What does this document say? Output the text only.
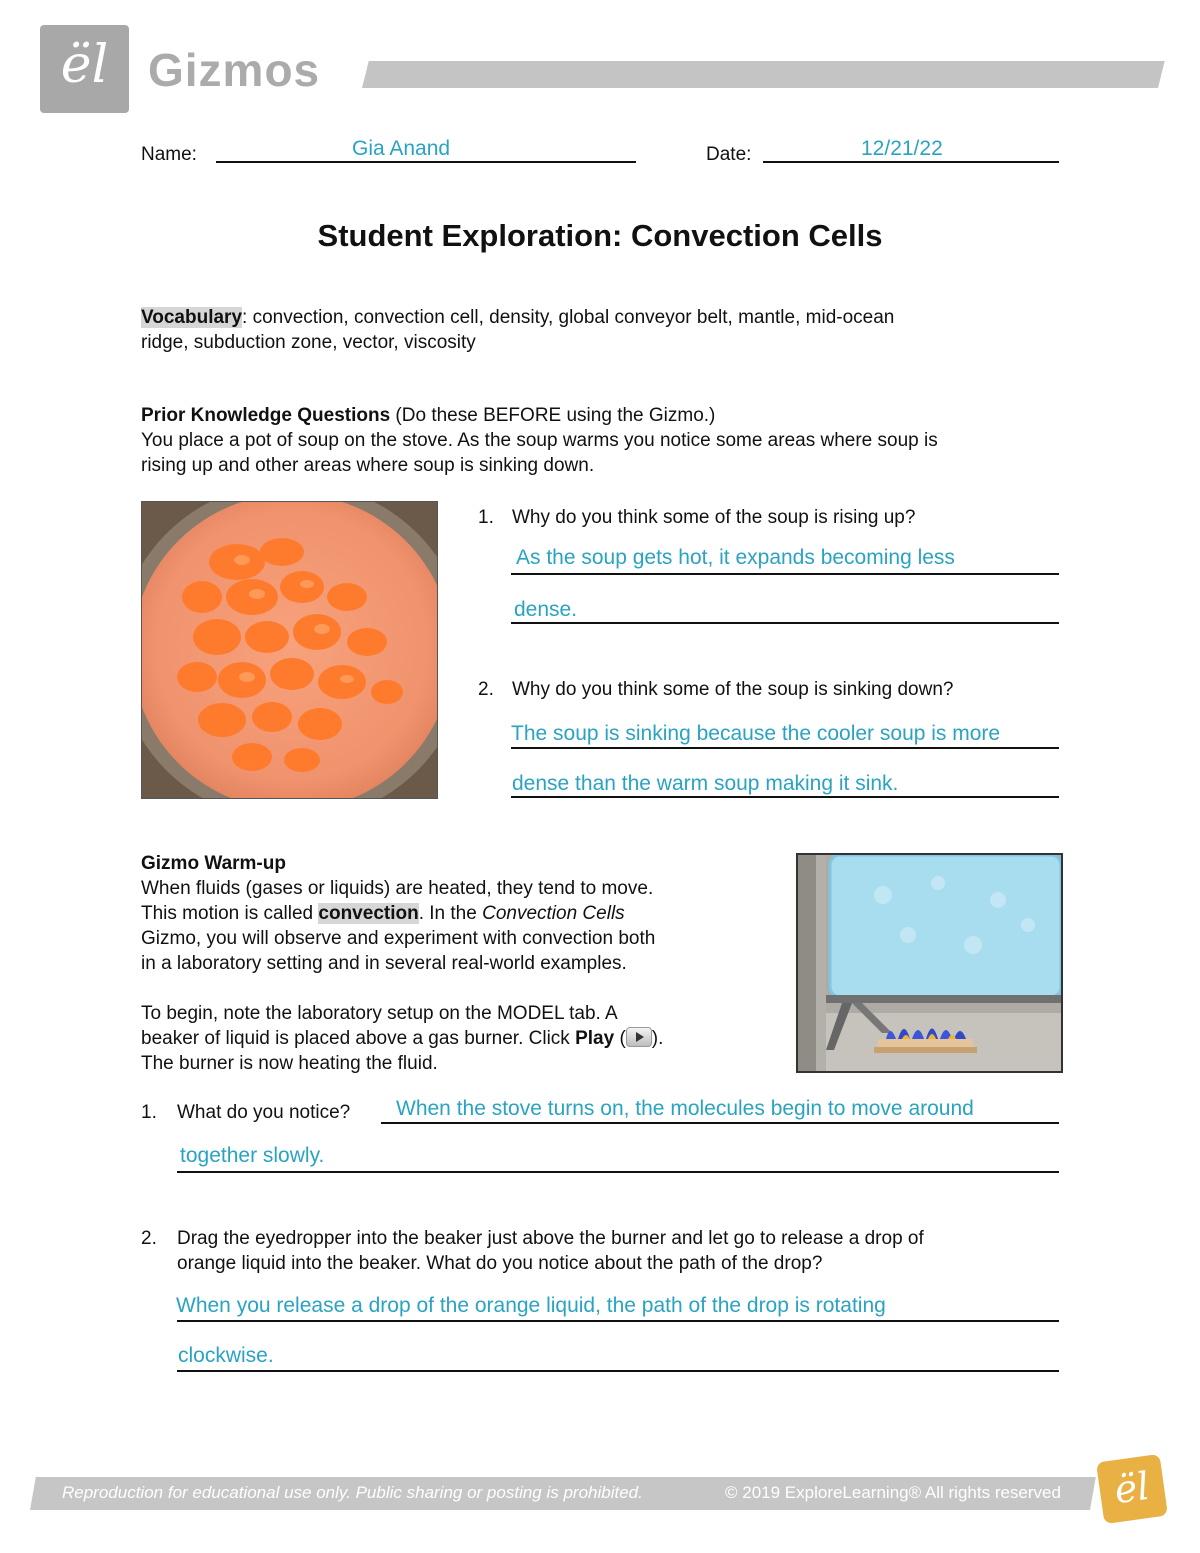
ël Gizmos
Name:	Gia Anand	Date:	12/21/22
Student Exploration: Convection Cells
Vocabulary: convection, convection cell, density, global conveyor belt, mantle, mid-ocean
ridge, subduction zone, vector, viscosity
Prior Knowledge Questions (Do these BEFORE using the Gizmo.)
You place a pot of soup on the stove. As the soup warms you notice some areas where soup is
rising up and other areas where soup is sinking down.
1. Why do you think some of the soup is rising up?
As the soup gets hot, it expands becoming less
dense.
2. Why do you think some of the soup is sinking down?
The soup is sinking because the cooler soup is more
dense than the warm soup making it sink.
Gizmo Warm-up
When fluids (gases or liquids) are heated, they tend to move.
This motion is called convection. In the Convection Cells
Gizmo, you will observe and experiment with convection both
in a laboratory setting and in several real-world examples.

To begin, note the laboratory setup on the MODEL tab. A
beaker of liquid is placed above a gas burner. Click Play ( ).
The burner is now heating the fluid.
1. What do you notice? When the stove turns on, the molecules begin to move around
together slowly.
2. Drag the eyedropper into the beaker just above the burner and let go to release a drop of
orange liquid into the beaker. What do you notice about the path of the drop?
When you release a drop of the orange liquid, the path of the drop is rotating
clockwise.
Reproduction for educational use only. Public sharing or posting is prohibited.	© 2019 ExploreLearning® All rights reserved	ël
